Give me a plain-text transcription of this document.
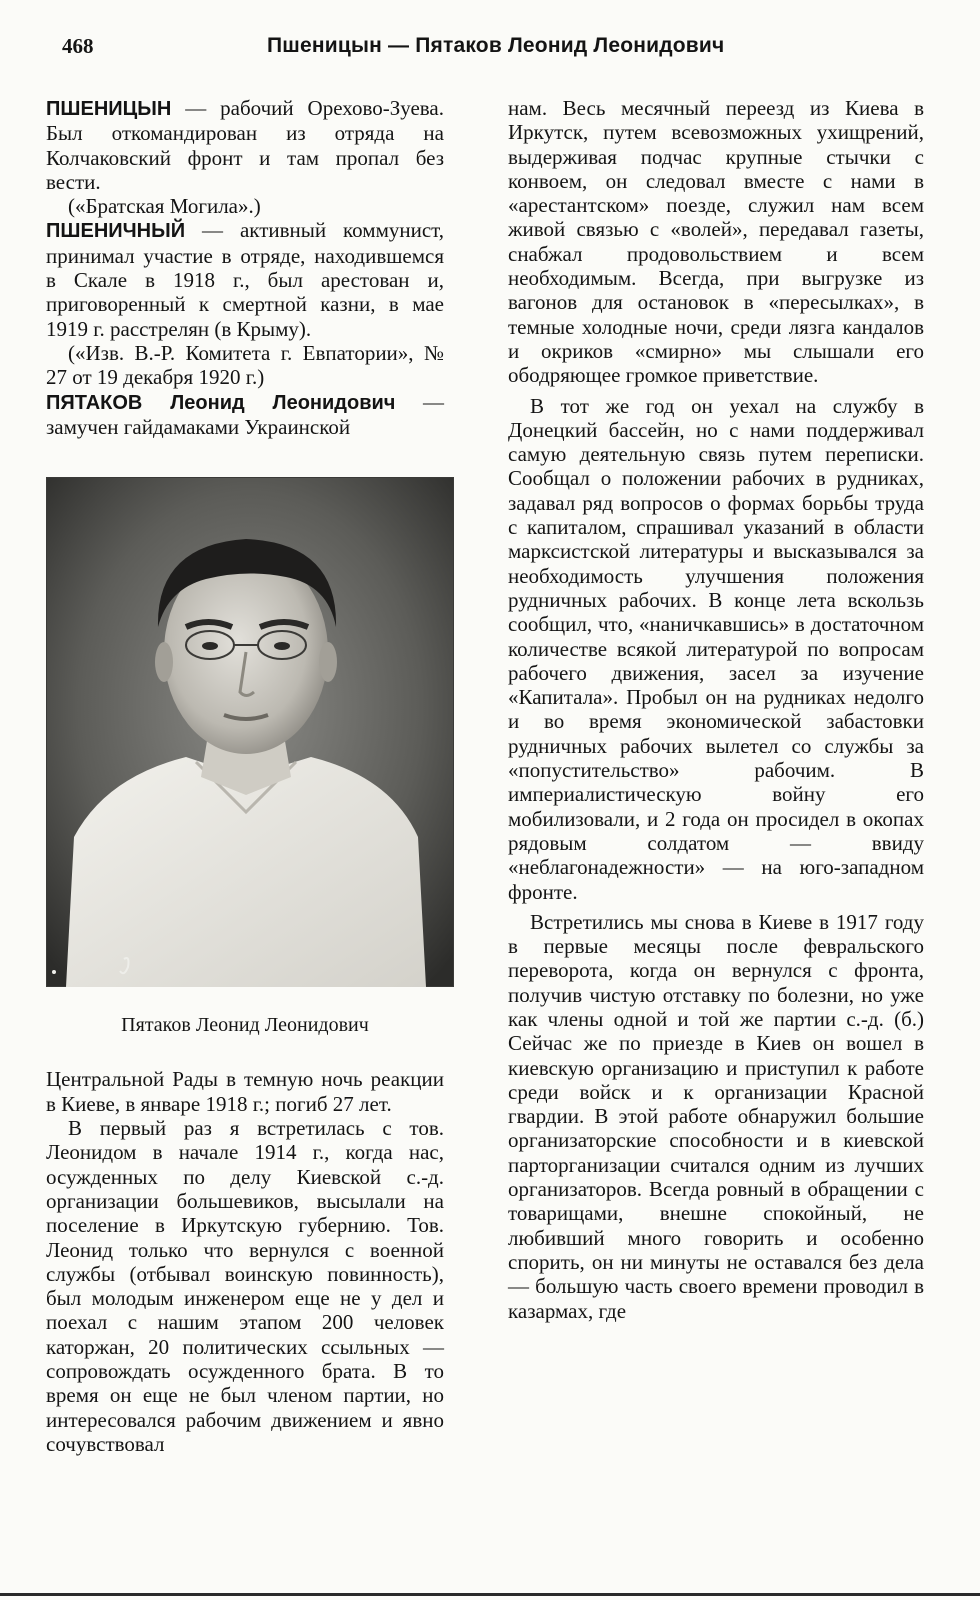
468	Пшеницын — Пятаков Леонид Леонидович

ПШЕНИЦЫН — рабочий Орехово-Зуева. Был откомандирован из отряда на Колчаковский фронт и там пропал без вести.

(«Братская Могила».)

ПШЕНИЧНЫЙ — активный коммунист, принимал участие в отряде, находившемся в Скале в 1918 г., был арестован и, приговоренный к смертной казни, в мае 1919 г. расстрелян (в Крыму).

(«Изв. В.-Р. Комитета г. Евпатории», № 27 от 19 декабря 1920 г.)

ПЯТАКОВ Леонид Леонидович — замучен гайдамаками Украинской

Пятаков Леонид Леонидович

Центральной Рады в темную ночь реакции в Киеве, в январе 1918 г.; погиб 27 лет.

В первый раз я встретилась с тов. Леонидом в начале 1914 г., когда нас, осужденных по делу Киевской с.-д. организации большевиков, высылали на поселение в Иркутскую губернию. Тов. Леонид только что вернулся с военной службы (отбывал воинскую повинность), был молодым инженером еще не у дел и поехал с нашим этапом 200 человек каторжан, 20 политических ссыльных — сопровождать осужденного брата. В то время он еще не был членом партии, но интересовался рабочим движением и явно сочувствовал

нам. Весь месячный переезд из Киева в Иркутск, путем всевозможных ухищрений, выдерживая подчас крупные стычки с конвоем, он следовал вместе с нами в «арестантском» поезде, служил нам всем живой связью с «волей», передавал газеты, снабжал продовольствием и всем необходимым. Всегда, при выгрузке из вагонов для остановок в «пересылках», в темные холодные ночи, среди лязга кандалов и окриков «смирно» мы слышали его ободряющее громкое приветствие.

В тот же год он уехал на службу в Донецкий бассейн, но с нами поддерживал самую деятельную связь путем переписки. Сообщал о положении рабочих в рудниках, задавал ряд вопросов о формах борьбы труда с капиталом, спрашивал указаний в области марксистской литературы и высказывался за необходимость улучшения положения рудничных рабочих. В конце лета вскользь сообщил, что, «наничкавшись» в достаточном количестве всякой литературой по вопросам рабочего движения, засел за изучение «Капитала». Пробыл он на рудниках недолго и во время экономической забастовки рудничных рабочих вылетел со службы за «попустительство» рабочим. В империалистическую войну его мобилизовали, и 2 года он просидел в окопах рядовым солдатом — ввиду «неблагонадежности» — на юго-западном фронте.

Встретились мы снова в Киеве в 1917 году в первые месяцы после февральского переворота, когда он вернулся с фронта, получив чистую отставку по болезни, но уже как члены одной и той же партии с.-д. (б.) Сейчас же по приезде в Киев он вошел в киевскую организацию и приступил к работе среди войск и к организации Красной гвардии. В этой работе обнаружил большие организаторские способности и в киевской парторганизации считался одним из лучших организаторов. Всегда ровный в обращении с товарищами, внешне спокойный, не любивший много говорить и особенно спорить, он ни минуты не оставался без дела — большую часть своего времени проводил в казармах, где
